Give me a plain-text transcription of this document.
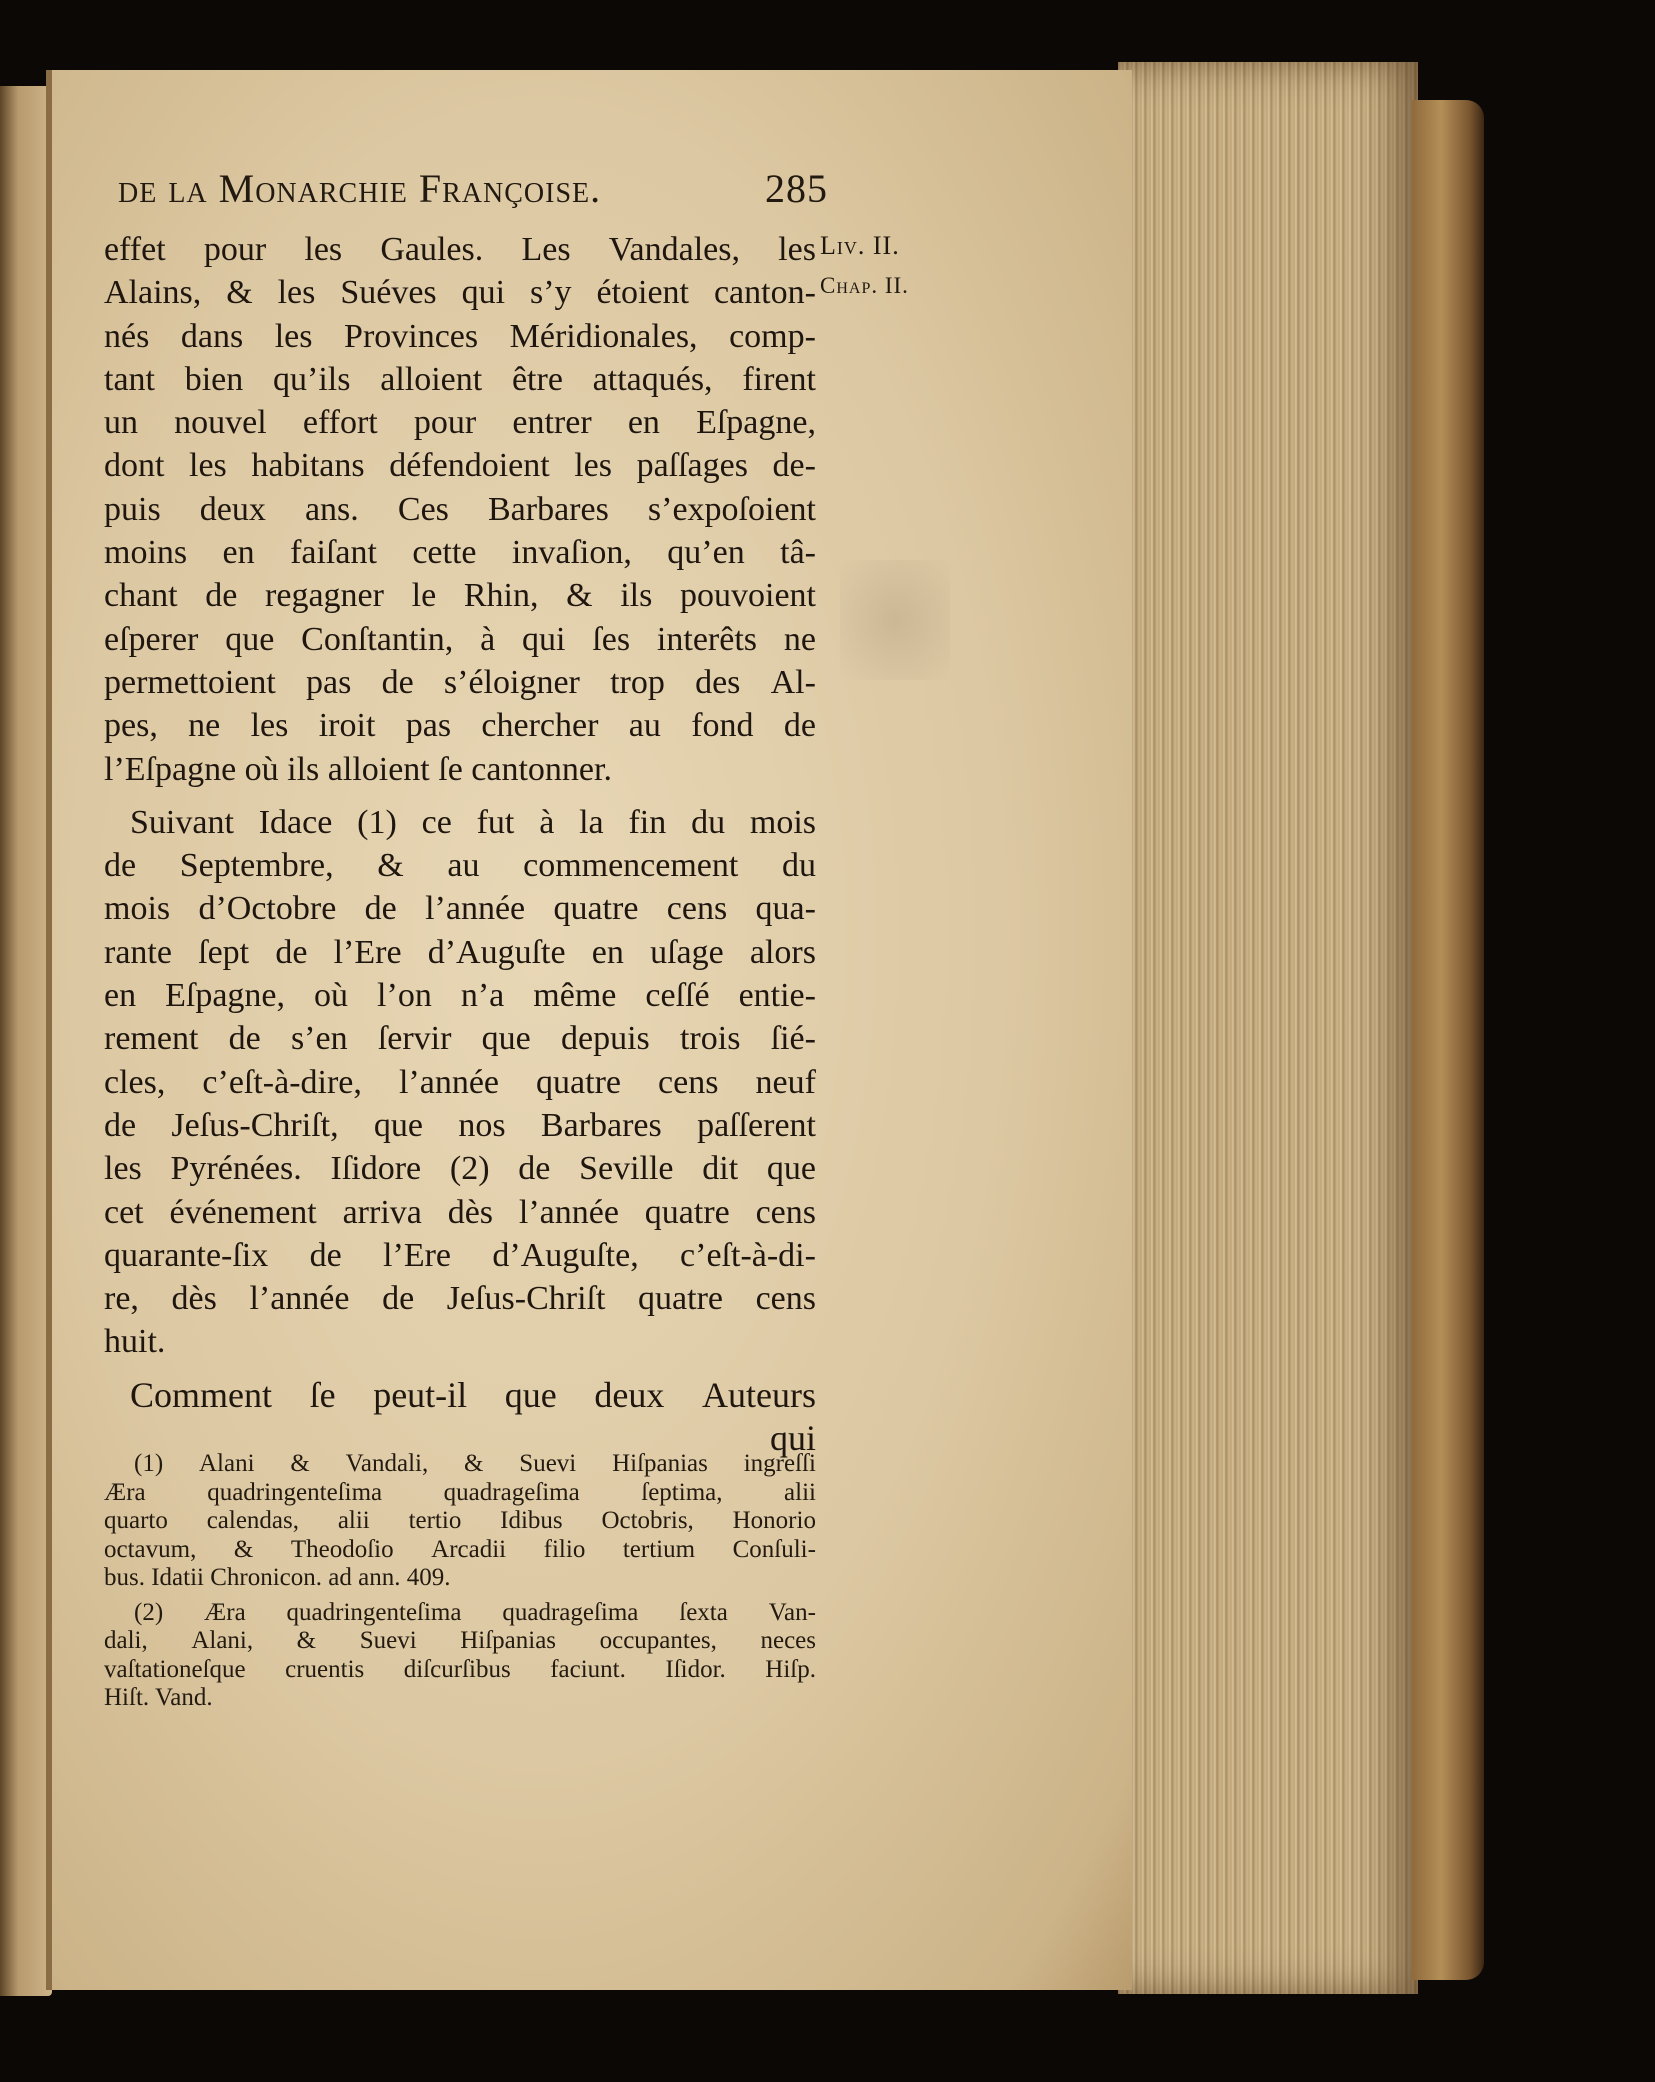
de la Monarchie Françoise.	285
Liv. II.
Chap. II.
effet pour les Gaules. Les Vandales, les
Alains, & les Suéves qui s’y étoient canton-
nés dans les Provinces Méridionales, comp-
tant bien qu’ils alloient être attaqués, firent
un nouvel effort pour entrer en Eſpagne,
dont les habitans défendoient les paſſages de-
puis deux ans. Ces Barbares s’expoſoient
moins en faiſant cette invaſion, qu’en tâ-
chant de regagner le Rhin, & ils pouvoient
eſperer que Conſtantin, à qui ſes interêts ne
permettoient pas de s’éloigner trop des Al-
pes, ne les iroit pas chercher au fond de
l’Eſpagne où ils alloient ſe cantonner.
Suivant Idace (1) ce fut à la fin du mois
de Septembre, & au commencement du
mois d’Octobre de l’année quatre cens qua-
rante ſept de l’Ere d’Auguſte en uſage alors
en Eſpagne, où l’on n’a même ceſſé entie-
rement de s’en ſervir que depuis trois ſié-
cles, c’eſt-à-dire, l’année quatre cens neuf
de Jeſus-Chriſt, que nos Barbares paſſerent
les Pyrénées. Iſidore (2) de Seville dit que
cet événement arriva dès l’année quatre cens
quarante-ſix de l’Ere d’Auguſte, c’eſt-à-di-
re, dès l’année de Jeſus-Chriſt quatre cens
huit.
Comment ſe peut-il que deux Auteurs
qui
(1) Alani & Vandali, & Suevi Hiſpanias ingreſſi
Æra quadringenteſima quadrageſima ſeptima, alii
quarto calendas, alii tertio Idibus Octobris, Honorio
octavum, & Theodoſio Arcadii filio tertium Conſuli-
bus. Idatii Chronicon. ad ann. 409.
(2) Æra quadringenteſima quadrageſima ſexta Van-
dali, Alani, & Suevi Hiſpanias occupantes, neces
vaſtationeſque cruentis diſcurſibus faciunt. Iſidor. Hiſp.
Hiſt. Vand.
